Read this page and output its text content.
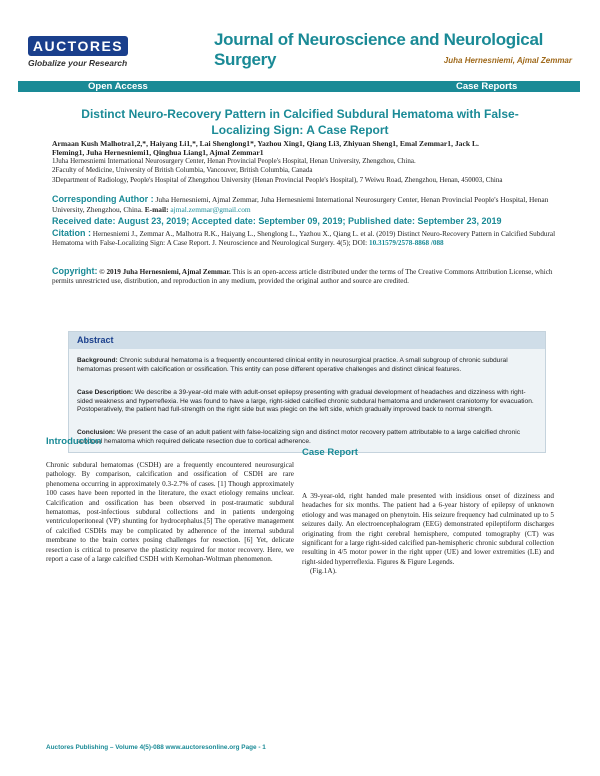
AUCTORES
Globalize your Research
Journal of Neuroscience and Neurological Surgery	Juha Hernesniemi, Ajmal Zemmar
Open Access	Case Reports
Distinct Neuro-Recovery Pattern in Calcified Subdural Hematoma with False-
Localizing Sign: A Case Report
Armaan Kush Malhotra1,2,*, Haiyang Li1,*, Lai Shenglong1*, Yazhou Xing1, Qiang Li3, Zhiyuan Sheng1, Emal Zemmar1, Jack L.
Fleming1, Juha Hernesniemi1, Qinghua Liang1, Ajmal Zemmar1
1Juha Hernesniemi International Neurosurgery Center, Henan Provincial People's Hospital, Henan University, Zhengzhou, China.
2Faculty of Medicine, University of British Columbia, Vancouver, British Columbia, Canada
3Department of Radiology, People's Hospital of Zhengzhou University (Henan Provincial People's Hospital), 7 Weiwu Road, Zhengzhou, Henan, 450003, China
Corresponding Author : Juha Hernesniemi, Ajmal Zemmar, Juha Hernesniemi International Neurosurgery Center, Henan Provincial People's Hospital, Henan University, Zhengzhou, China. E-mail: ajmal.zemmar@gmail.com
Received date: August 23, 2019; Accepted date: September 09, 2019; Published date: September 23, 2019
Citation : Hernesniemi J., Zemmar A., Malhotra R.K., Haiyang L., Shenglong L., Yazhou X., Qiang L. et al. (2019) Distinct Neuro-Recovery Pattern in Calcified Subdural Hematoma with False-Localizing Sign: A Case Report. J. Neuroscience and Neurological Surgery. 4(5); DOI: 10.31579/2578-8868 /088
Copyright: © 2019 Juha Hernesniemi, Ajmal Zemmar. This is an open-access article distributed under the terms of The Creative Commons Attribution License, which permits unrestricted use, distribution, and reproduction in any medium, provided the original author and source are credited.
Abstract
Background: Chronic subdural hematoma is a frequently encountered clinical entity in neurosurgical practice. A small subgroup of chronic subdural hematomas present with calcification or ossification. This entity can pose different operative challenges and distinct clinical features.
Case Description: We describe a 39-year-old male with adult-onset epilepsy presenting with gradual development of headaches and dizziness with right-sided weakness and hyperreflexia. He was found to have a large, right-sided calcified chronic subdural hematoma and underwent craniotomy for evacuation. Postoperatively, the patient had full-strength on the right side but was plegic on the left side, which gradually improved back to normal strength.
Conclusion: We present the case of an adult patient with false-localizing sign and distinct motor recovery pattern attributable to a large calcified chronic subdural hematoma which required delicate resection due to cortical adherence.
Introduction
Chronic subdural hematomas (CSDH) are a frequently encountered neurosurgical pathology. By comparison, calcification and ossification of CSDH are rare phenomena occurring in approximately 0.3-2.7% of cases. [1] Though approximately 100 cases have been reported in the literature, the exact etiology remains unclear. Calcification and ossification has been observed in post-traumatic subdural hematomas, post-infectious subdural collections and in patients undergoing ventriculoperitoneal (VP) shunting for hydrocephalus.[5] The operative management of calcified CSDHs may be complicated by adherence of the internal subdural membrane to the brain cortex posing challenges for resection. [6] Yet, delicate resection is critical to preserve the plasticity required for motor recovery. Here, we report a case of a large calcified CSDH with Kernohan-Woltman phenomenon.
Case Report
A 39-year-old, right handed male presented with insidious onset of dizziness and headaches for six months. The patient had a 6-year history of epilepsy of unknown etiology and was managed on phenytoin. His seizure frequency had culminated up to 5 seizures daily. An electroencephalogram (EEG) demonstrated epileptiform discharges originating from the right cerebral hemisphere, computed tomography (CT) was significant for a large right-sided calcified pan-hemispheric chronic subdural collection resulting in 4/5 motor power in the right upper (UE) and lower extremities (LE) and right-sided hyperreflexia. Figures & Figure Legends.
(Fig.1A).
Auctores Publishing – Volume 4(5)-088 www.auctoresonline.org Page - 1
